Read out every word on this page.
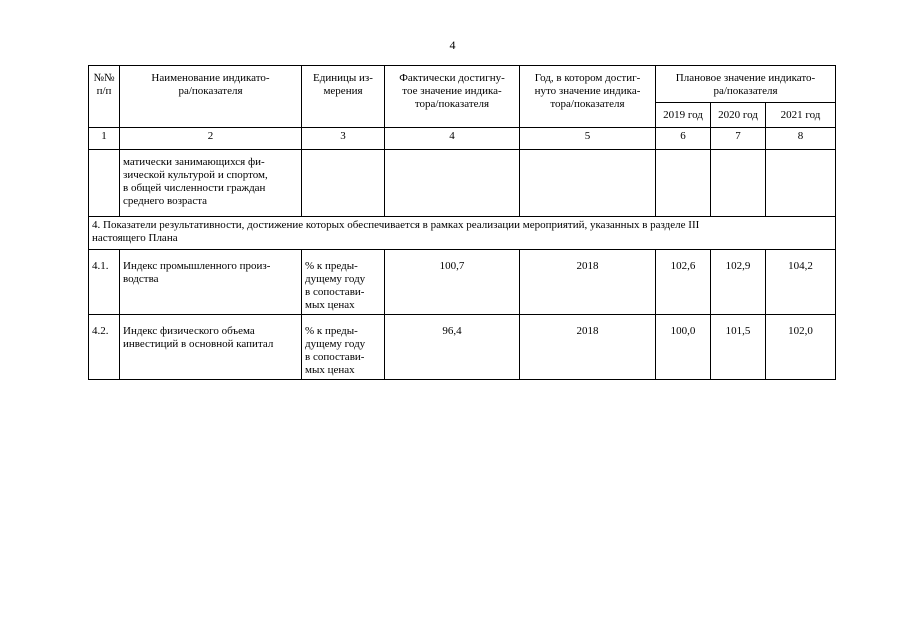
4
№№
п/п	Наименование индикато-
ра/показателя	Единицы из-
мерения	Фактически достигну-
тое значение индика-
тора/показателя	Год, в котором достиг-
нуто значение индика-
тора/показателя	Плановое значение индикато-
ра/показателя		
					2019 год	2020 год	2021 год
1	2	3	4	5	6	7	8
	матически занимающихся фи-
зической культурой и спортом,
в общей численности граждан
среднего возраста						
4. Показатели результативности, достижение которых обеспечивается в рамках реализации мероприятий, указанных в разделе III
настоящего Плана							
4.1.	Индекс промышленного произ-
водства	% к преды-
дущему году
в сопостави-
мых ценах	100,7	2018	102,6	102,9	104,2
4.2.	Индекс физического объема
инвестиций в основной капитал	% к преды-
дущему году
в сопостави-
мых ценах	96,4	2018	100,0	101,5	102,0
